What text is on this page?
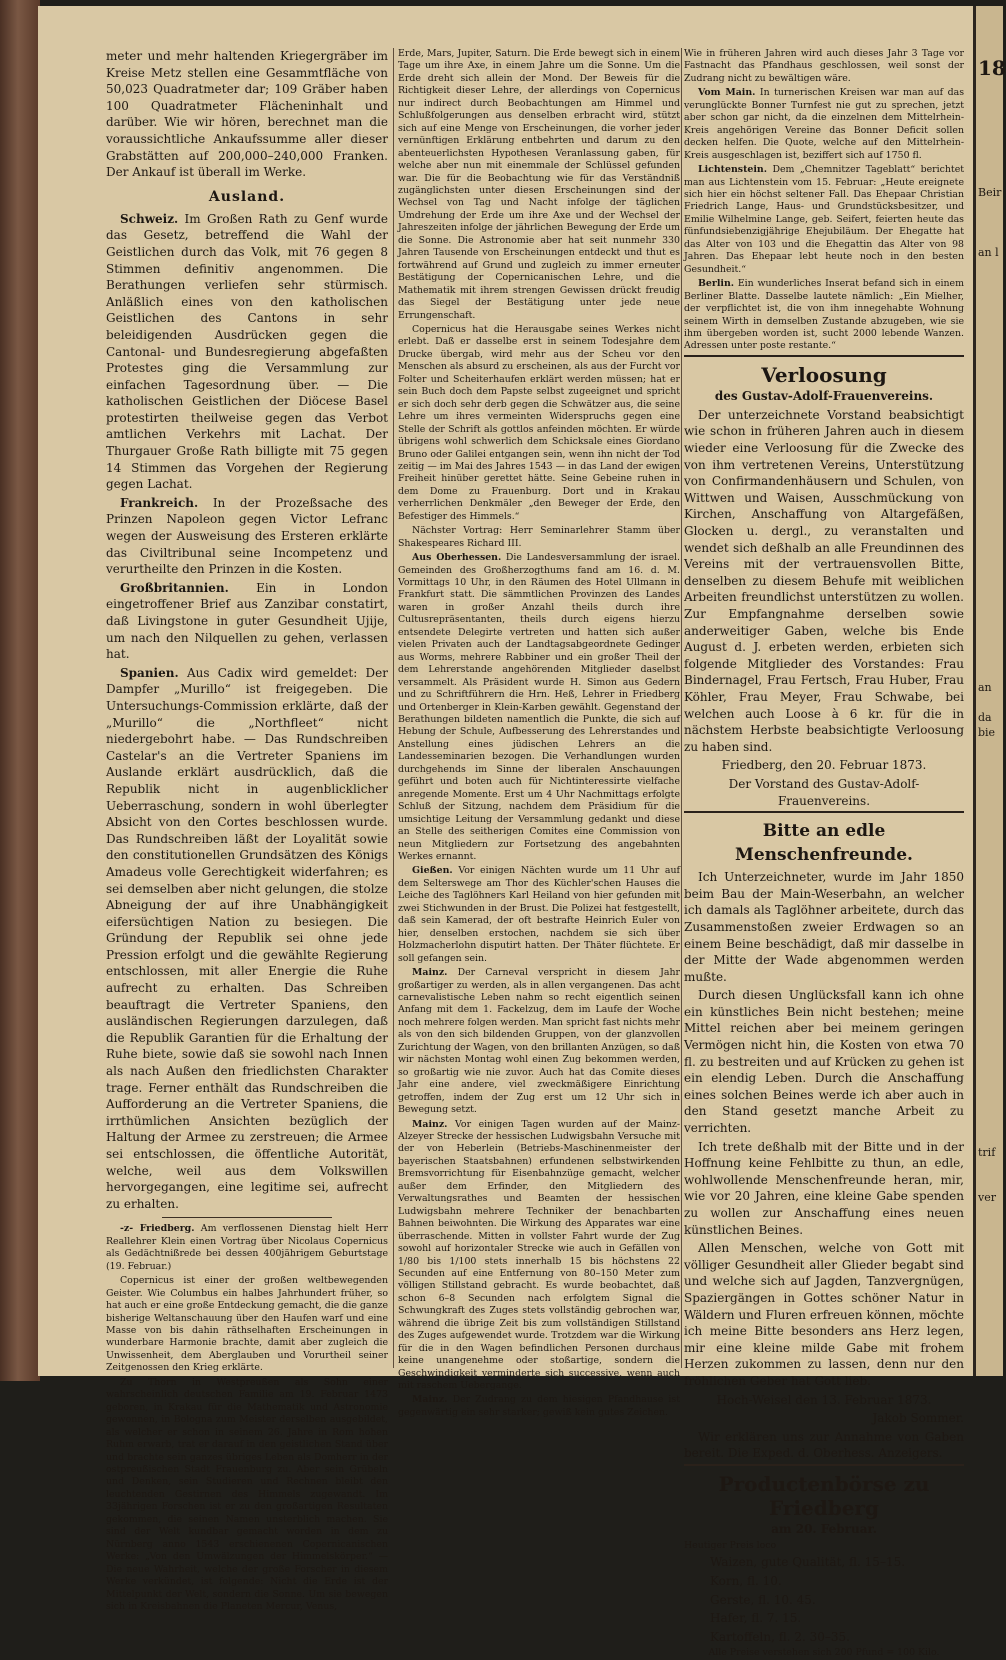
meter und mehr haltenden Kriegergräber im Kreise Metz stellen eine Gesammtfläche von 50,023 Quadratmeter dar; 109 Gräber haben 100 Quadratmeter Flächeninhalt und darüber. Wie wir hören, berechnet man die voraussichtliche Ankaufssumme aller dieser Grabstätten auf 200,000–240,000 Franken. Der Ankauf ist überall im Werke.

Ausland.

Schweiz. Im Großen Rath zu Genf wurde das Gesetz, betreffend die Wahl der Geistlichen durch das Volk, mit 76 gegen 8 Stimmen definitiv angenommen. Die Berathungen verliefen sehr stürmisch. Anläßlich eines von den katholischen Geistlichen des Cantons in sehr beleidigenden Ausdrücken gegen die Cantonal- und Bundesregierung abgefaßten Protestes ging die Versammlung zur einfachen Tagesordnung über. — Die katholischen Geistlichen der Diöcese Basel protestirten theilweise gegen das Verbot amtlichen Verkehrs mit Lachat. Der Thurgauer Große Rath billigte mit 75 gegen 14 Stimmen das Vorgehen der Regierung gegen Lachat.

Frankreich. In der Prozeßsache des Prinzen Napoleon gegen Victor Lefranc wegen der Ausweisung des Ersteren erklärte das Civiltribunal seine Incompetenz und verurtheilte den Prinzen in die Kosten.

Großbritannien. Ein in London eingetroffener Brief aus Zanzibar constatirt, daß Livingstone in guter Gesundheit Ujije, um nach den Nilquellen zu gehen, verlassen hat.

Spanien. Aus Cadix wird gemeldet: Der Dampfer „Murillo“ ist freigegeben. Die Untersuchungs-Commission erklärte, daß der „Murillo“ die „Northfleet“ nicht niedergebohrt habe. — Das Rundschreiben Castelar's an die Vertreter Spaniens im Auslande erklärt ausdrücklich, daß die Republik nicht in augenblicklicher Ueberraschung, sondern in wohl überlegter Absicht von den Cortes beschlossen wurde. Das Rundschreiben läßt der Loyalität sowie den constitutionellen Grundsätzen des Königs Amadeus volle Gerechtigkeit widerfahren; es sei demselben aber nicht gelungen, die stolze Abneigung der auf ihre Unabhängigkeit eifersüchtigen Nation zu besiegen. Die Gründung der Republik sei ohne jede Pression erfolgt und die gewählte Regierung entschlossen, mit aller Energie die Ruhe aufrecht zu erhalten. Das Schreiben beauftragt die Vertreter Spaniens, den ausländischen Regierungen darzulegen, daß die Republik Garantien für die Erhaltung der Ruhe biete, sowie daß sie sowohl nach Innen als nach Außen den friedlichsten Charakter trage. Ferner enthält das Rundschreiben die Aufforderung an die Vertreter Spaniens, die irrthümlichen Ansichten bezüglich der Haltung der Armee zu zerstreuen; die Armee sei entschlossen, die öffentliche Autorität, welche, weil aus dem Volkswillen hervorgegangen, eine legitime sei, aufrecht zu erhalten.

-z- Friedberg. Am verflossenen Dienstag hielt Herr Reallehrer Klein einen Vortrag über Nicolaus Copernicus als Gedächtnißrede bei dessen 400jährigem Geburtstage (19. Februar.)

Copernicus ist einer der großen weltbewegenden Geister. Wie Columbus ein halbes Jahrhundert früher, so hat auch er eine große Entdeckung gemacht, die die ganze bisherige Weltanschauung über den Haufen warf und eine Masse von bis dahin räthselhaften Erscheinungen in wunderbare Harmonie brachte, damit aber zugleich die Unwissenheit, dem Aberglauben und Vorurtheil seiner Zeitgenossen den Krieg erklärte.

Zu Thorn in Westpreußen als Sohn einer wahrscheinlich deutschen Familie am 19. Februar 1473 geboren, in Krakau für die Mathematik und Astronomie gewonnen, in Bologna zum Meister derselben ausgebildet, als welcher er schon in seinem 26. Jahre in Rom hohen Ruhm erwarb, trat er darauf in den geistlichen Stand über und brachte sein ganzes übriges Leben als Domherr in der ostpreußischen Stadt Frauenburg zu. Aber sein Grübeln und Denken, sein Studieren und Rechnen bleibt den leuchtenden Gestirnen des Himmels zugewandt. Im 33jährigen Forschen ist er zu den großartigen Resultaten gekommen, die seinen Namen unsterblich machen. Sie sind der Welt kundbar gemacht worden in dem zu Nürnberg anno 1543 erschienenen Copernicanischen Werke: „Von den Umwälzungen der Himmelskörper.“ — Die neue Wahrheit, welche der große Forscher in diesem Werke verkündet, ist folgende: Nicht die Erde ist der Mittelpunkt der Welt, sondern die Sonne. Um sie bewegen sich in Kreisbahnen die Planeten Mercur, Venus,

Erde, Mars, Jupiter, Saturn. Die Erde bewegt sich in einem Tage um ihre Axe, in einem Jahre um die Sonne. Um die Erde dreht sich allein der Mond. Der Beweis für die Richtigkeit dieser Lehre, der allerdings von Copernicus nur indirect durch Beobachtungen am Himmel und Schlußfolgerungen aus denselben erbracht wird, stützt sich auf eine Menge von Erscheinungen, die vorher jeder vernünftigen Erklärung entbehrten und darum zu den abenteuerlichsten Hypothesen Veranlassung gaben, für welche aber nun mit einemmale der Schlüssel gefunden war. Die für die Beobachtung wie für das Verständniß zugänglichsten unter diesen Erscheinungen sind der Wechsel von Tag und Nacht infolge der täglichen Umdrehung der Erde um ihre Axe und der Wechsel der Jahreszeiten infolge der jährlichen Bewegung der Erde um die Sonne. Die Astronomie aber hat seit nunmehr 330 Jahren Tausende von Erscheinungen entdeckt und thut es fortwährend auf Grund und zugleich zu immer erneuter Bestätigung der Copernicanischen Lehre, und die Mathematik mit ihrem strengen Gewissen drückt freudig das Siegel der Bestätigung unter jede neue Errungenschaft.

Copernicus hat die Herausgabe seines Werkes nicht erlebt. Daß er dasselbe erst in seinem Todesjahre dem Drucke übergab, wird mehr aus der Scheu vor den Menschen als absurd zu erscheinen, als aus der Furcht vor Folter und Scheiterhaufen erklärt werden müssen; hat er sein Buch doch dem Papste selbst zugeeignet und spricht er sich doch sehr derb gegen die Schwätzer aus, die seine Lehre um ihres vermeinten Widerspruchs gegen eine Stelle der Schrift als gottlos anfeinden möchten. Er würde übrigens wohl schwerlich dem Schicksale eines Giordano Bruno oder Galilei entgangen sein, wenn ihn nicht der Tod zeitig — im Mai des Jahres 1543 — in das Land der ewigen Freiheit hinüber gerettet hätte. Seine Gebeine ruhen in dem Dome zu Frauenburg. Dort und in Krakau verherrlichen Denkmäler „den Beweger der Erde, den Befestiger des Himmels.“

Nächster Vortrag: Herr Seminarlehrer Stamm über Shakespeares Richard III.

Aus Oberhessen. Die Landesversammlung der israel. Gemeinden des Großherzogthums fand am 16. d. M. Vormittags 10 Uhr, in den Räumen des Hotel Ullmann in Frankfurt statt. Die sämmtlichen Provinzen des Landes waren in großer Anzahl theils durch ihre Cultusrepräsentanten, theils durch eigens hierzu entsendete Delegirte vertreten und hatten sich außer vielen Privaten auch der Landtagsabgeordnete Gedinger aus Worms, mehrere Rabbiner und ein großer Theil der dem Lehrerstande angehörenden Mitglieder daselbst versammelt. Als Präsident wurde H. Simon aus Gedern und zu Schriftführern die Hrn. Heß, Lehrer in Friedberg und Ortenberger in Klein-Karben gewählt. Gegenstand der Berathungen bildeten namentlich die Punkte, die sich auf Hebung der Schule, Aufbesserung des Lehrerstandes und Anstellung eines jüdischen Lehrers an die Landesseminarien bezogen. Die Verhandlungen wurden durchgehends im Sinne der liberalen Anschauungen geführt und boten auch für Nichtinteressirte vielfache anregende Momente. Erst um 4 Uhr Nachmittags erfolgte Schluß der Sitzung, nachdem dem Präsidium für die umsichtige Leitung der Versammlung gedankt und diese an Stelle des seitherigen Comites eine Commission von neun Mitgliedern zur Fortsetzung des angebahnten Werkes ernannt.

Gießen. Vor einigen Nächten wurde um 11 Uhr auf dem Selterswege am Thor des Küchler'schen Hauses die Leiche des Taglöhners Karl Heiland von hier gefunden mit zwei Stichwunden in der Brust. Die Polizei hat festgestellt, daß sein Kamerad, der oft bestrafte Heinrich Euler von hier, denselben erstochen, nachdem sie sich über Holzmacherlohn disputirt hatten. Der Thäter flüchtete. Er soll gefangen sein.

Mainz. Der Carneval verspricht in diesem Jahr großartiger zu werden, als in allen vergangenen. Das acht carnevalistische Leben nahm so recht eigentlich seinen Anfang mit dem 1. Fackelzug, dem im Laufe der Woche noch mehrere folgen werden. Man spricht fast nichts mehr als von den sich bildenden Gruppen, von der glanzvollen Zurichtung der Wagen, von den brillanten Anzügen, so daß wir nächsten Montag wohl einen Zug bekommen werden, so großartig wie nie zuvor. Auch hat das Comite dieses Jahr eine andere, viel zweckmäßigere Einrichtung getroffen, indem der Zug erst um 12 Uhr sich in Bewegung setzt.

Mainz. Vor einigen Tagen wurden auf der Mainz-Alzeyer Strecke der hessischen Ludwigsbahn Versuche mit der von Heberlein (Betriebs-Maschinenmeister der bayerischen Staatsbahnen) erfundenen selbstwirkenden Bremsvorrichtung für Eisenbahnzüge gemacht, welcher außer dem Erfinder, den Mitgliedern des Verwaltungsrathes und Beamten der hessischen Ludwigsbahn mehrere Techniker der benachbarten Bahnen beiwohnten. Die Wirkung des Apparates war eine überraschende. Mitten in vollster Fahrt wurde der Zug sowohl auf horizontaler Strecke wie auch in Gefällen von 1/80 bis 1/100 stets innerhalb 15 bis höchstens 22 Secunden auf eine Entfernung von 80–150 Meter zum völligen Stillstand gebracht. Es wurde beobachtet, daß schon 6–8 Secunden nach erfolgtem Signal die Schwungkraft des Zuges stets vollständig gebrochen war, während die übrige Zeit bis zum vollständigen Stillstand des Zuges aufgewendet wurde. Trotzdem war die Wirkung für die in den Wagen befindlichen Personen durchaus keine unangenehme oder stoßartige, sondern die Geschwindigkeit verminderte sich successive, wenn auch mit raschem Uebergange.

Mainz. Der Zudrang zu dem hiesigen Pfandhause ist gegenwärtig ein sehr starker; gewiß kein gutes Zeichen.

Wie in früheren Jahren wird auch dieses Jahr 3 Tage vor Fastnacht das Pfandhaus geschlossen, weil sonst der Zudrang nicht zu bewältigen wäre.

Vom Main. In turnerischen Kreisen war man auf das verunglückte Bonner Turnfest nie gut zu sprechen, jetzt aber schon gar nicht, da die einzelnen dem Mittelrhein-Kreis angehörigen Vereine das Bonner Deficit sollen decken helfen. Die Quote, welche auf den Mittelrhein-Kreis ausgeschlagen ist, beziffert sich auf 1750 fl.

Lichtenstein. Dem „Chemnitzer Tageblatt“ berichtet man aus Lichtenstein vom 15. Februar: „Heute ereignete sich hier ein höchst seltener Fall. Das Ehepaar Christian Friedrich Lange, Haus- und Grundstücksbesitzer, und Emilie Wilhelmine Lange, geb. Seifert, feierten heute das fünfundsiebenzigjährige Ehejubiläum. Der Ehegatte hat das Alter von 103 und die Ehegattin das Alter von 98 Jahren. Das Ehepaar lebt heute noch in den besten Gesundheit.“

Berlin. Ein wunderliches Inserat befand sich in einem Berliner Blatte. Dasselbe lautete nämlich: „Ein Mielher, der verpflichtet ist, die von ihm innegehabte Wohnung seinem Wirth in demselben Zustande abzugeben, wie sie ihm übergeben worden ist, sucht 2000 lebende Wanzen. Adressen unter poste restante.“

Verloosung
des Gustav-Adolf-Frauenvereins.

Der unterzeichnete Vorstand beabsichtigt wie schon in früheren Jahren auch in diesem wieder eine Verloosung für die Zwecke des von ihm vertretenen Vereins, Unterstützung von Confirmandenhäusern und Schulen, von Wittwen und Waisen, Ausschmückung von Kirchen, Anschaffung von Altargefäßen, Glocken u. dergl., zu veranstalten und wendet sich deßhalb an alle Freundinnen des Vereins mit der vertrauensvollen Bitte, denselben zu diesem Behufe mit weiblichen Arbeiten freundlichst unterstützen zu wollen. Zur Empfangnahme derselben sowie anderweitiger Gaben, welche bis Ende August d. J. erbeten werden, erbieten sich folgende Mitglieder des Vorstandes: Frau Bindernagel, Frau Fertsch, Frau Huber, Frau Köhler, Frau Meyer, Frau Schwabe, bei welchen auch Loose à 6 kr. für die in nächstem Herbste beabsichtigte Verloosung zu haben sind.

Friedberg, den 20. Februar 1873.

Der Vorstand des Gustav-Adolf-Frauenvereins.

Bitte an edle Menschenfreunde.

Ich Unterzeichneter, wurde im Jahr 1850 beim Bau der Main-Weserbahn, an welcher ich damals als Taglöhner arbeitete, durch das Zusammenstoßen zweier Erdwagen so an einem Beine beschädigt, daß mir dasselbe in der Mitte der Wade abgenommen werden mußte.

Durch diesen Unglücksfall kann ich ohne ein künstliches Bein nicht bestehen; meine Mittel reichen aber bei meinem geringen Vermögen nicht hin, die Kosten von etwa 70 fl. zu bestreiten und auf Krücken zu gehen ist ein elendig Leben. Durch die Anschaffung eines solchen Beines werde ich aber auch in den Stand gesetzt manche Arbeit zu verrichten.

Ich trete deßhalb mit der Bitte und in der Hoffnung keine Fehlbitte zu thun, an edle, wohlwollende Menschenfreunde heran, mir, wie vor 20 Jahren, eine kleine Gabe spenden zu wollen zur Anschaffung eines neuen künstlichen Beines.

Allen Menschen, welche von Gott mit völliger Gesundheit aller Glieder begabt sind und welche sich auf Jagden, Tanzvergnügen, Spaziergängen in Gottes schöner Natur in Wäldern und Fluren erfreuen können, möchte ich meine Bitte besonders ans Herz legen, mir eine kleine milde Gabe mit frohem Herzen zukommen zu lassen, denn nur den fröhlichen Geber hat Gott lieb.

Hoch-Weisel den 13. Februar 1873.

Jakob Sommer.

Wir erklären uns zur Annahme von Gaben bereit. Die Exped. d. Oberhess. Anzeigers.

Productenbörse zu Friedberg
am 20. Februar.

Heutiger Preis loco

Waizen, gute Qualität, fl. 15–15.

Korn, fl. 10.

Gerste, fl. 10. 45.

Hafer, fl. 7. 15.

Kartoffeln, fl. 2. 30–35.

Alle Preise verstehen sich 200 Pfund = 100 Kilo.

18

Beir

an l

an

da
bie

trif

ver
